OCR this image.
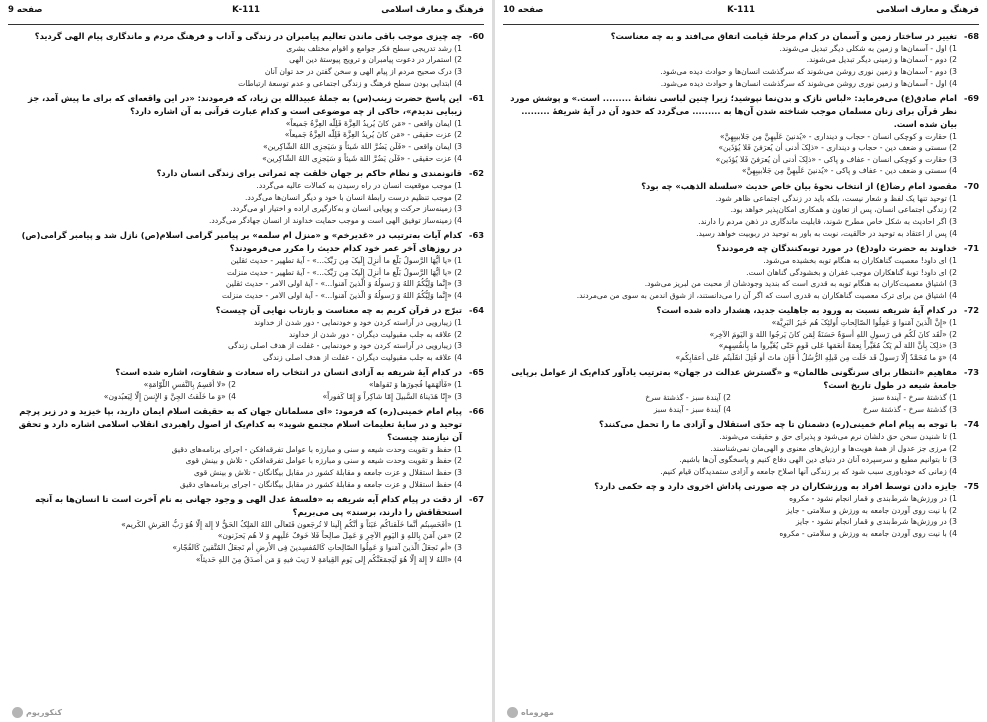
فرهنگ و معارف اسلامی
111-K
صفحه 9
60-
چه چیزی موجب باقی ماندن تعالیم پیامبران در زندگی و آداب و فرهنگ مردم و ماندگاری پیام الهی گردید؟
1) رشد تدریجی سطح فکر جوامع و اقوام مختلف بشری
2) استمرار در دعوت پیامبران و ترویج پیوستهٔ دین الهی
3) درک صحیح مردم از پیام الهی و سخن گفتن در حد توان آنان
4) ابتدایی بودن سطح فرهنگ و زندگی اجتماعی و عدم توسعهٔ ارتباطات
61-
این پاسخ حضرت زینب(س) به جملهٔ عبیدالله بن زیاد، که فرمودند: «در این واقعه‌ای که برای ما پیش آمد، جز زیبایی ندیدم»، حاکی از چه موضوعی است و کدام عبارت قرآنی به آن اشاره دارد؟
1) ایمان واقعی - «مَن کانَ یُریدُ العِزَّةَ فَلِلّه العِزَّةُ جَمیعاً»
2) عزت حقیقی - «مَن کانَ یُریدُ العِزَّةَ فَلِلّه العِزَّةُ جَمیعاً»
3) ایمان واقعی - «فَلَن یَضُرَّ اللهَ شَیئاً وَ سَیَجزِی اللهُ الشّاکِرین»
4) عزت حقیقی - «فَلَن یَضُرَّ اللهَ شَیئاً وَ سَیَجزِی اللهُ الشّاکِرین»
62-
قانونمندی و نظام حاکم بر جهان خلقت چه ثمراتی برای زندگی انسان دارد؟
1) موجب موقعیت انسان در راه رسیدن به کمالات عالیه می‌گردد.
2) موجب تنظیم درست رابطهٔ انسان با خود و دیگر انسان‌ها می‌گردد.
3) زمینه‌ساز حرکت و پویایی انسان و به‌کارگیری اراده و اختیار او می‌گردد.
4) زمینه‌ساز توفیق الهی است و موجب حمایت خداوند از انسان جهادگر می‌گردد.
63-
کدام آیات به‌ترتیب در «غدیرخم» و «منزل ام سلمه» بر پیامبر گرامی اسلام(ص) نازل شد و پیامبر گرامی(ص) در روزهای آخر عمر خود کدام حدیث را مکرر می‌فرمودند؟
1) «یا أَیُّهَا الرَّسولُ بَلِّغ ما أُنزِلَ إِلَیکَ مِن رَبِّکَ...» - آیهٔ تطهیر - حدیث ثقلین
2) «یا أَیُّهَا الرَّسولُ بَلِّغ ما أُنزِلَ إِلَیکَ مِن رَبِّکَ...» - آیهٔ تطهیر - حدیث منزلت
3) «إِنَّما وَلِیُّکُمُ اللهُ وَ رَسولُهُ وَ الَّذینَ آمَنوا...» - آیهٔ اولی الامر - حدیث ثقلین
4) «إِنَّما وَلِیُّکُمُ اللهُ وَ رَسولُهُ وَ الَّذینَ آمَنوا...» - آیهٔ اولی الامر - حدیث منزلت
64-
تبرّج در قرآن کریم به چه معناست و بازتاب نهایی آن چیست؟
1) زیبارویی در آراسته کردن خود و خودنمایی - دور شدن از خداوند
2) علاقه به جلب مقبولیت دیگران - دور شدن از خداوند
3) زیبارویی در آراسته کردن خود و خودنمایی - غفلت از هدف اصلی زندگی
4) علاقه به جلب مقبولیت دیگران - غفلت از هدف اصلی زندگی
65-
در کدام آیهٔ شریفه به آزادی انسان در انتخاب راه سعادت و شقاوت، اشاره شده است؟
1) «فَأَلهَمَها فُجورَها وَ تَقواها»
2) «لا أُقسِمُ بِالنَّفسِ اللَّوّامَةِ»
3) «إِنّا هَدَیناهُ السَّبیلَ إِمّا شاکِراً وَ إِمّا کَفوراً»
4) «وَ ما خَلَقتُ الجِنَّ وَ الإِنسَ إِلّا لِیَعبُدون»
66-
پیام امام خمینی(ره) که فرمود: «ای مسلمانان جهان که به حقیقت اسلام ایمان دارید، بپا خیزید و در زیر پرچم توحید و در سایهٔ تعلیمات اسلام مجتمع شوید» به کدام‌یک از اصول راهبردی انقلاب اسلامی اشاره دارد و تحقق آن نیازمند چیست؟
1) حفظ و تقویت وحدت شیعه و سنی و مبارزه با عوامل تفرقه‌افکن - اجرای برنامه‌های دقیق
2) حفظ و تقویت وحدت شیعه و سنی و مبارزه با عوامل تفرقه‌افکن - تلاش و بینش قوی
3) حفظ استقلال و عزت جامعه و مقابلهٔ کشور در مقابل بیگانگان - تلاش و بینش قوی
4) حفظ استقلال و عزت جامعه و مقابلهٔ کشور در مقابل بیگانگان - اجرای برنامه‌های دقیق
67-
از دقت در پیام کدام آیه شریفه به «فلسفهٔ عدل الهی و وجود جهانی به نام آخرت است تا انسان‌ها به آنچه استحقاقش را دارند، برسند» پی می‌بریم؟
1) «أَفَحَسِبتُم أَنَّما خَلَقناکُم عَبَثاً وَ أَنَّکُم إِلَینا لا تُرجَعون فَتَعالَی اللهُ المَلِکُ الحَقُّ لا إِلهَ إِلّا هُوَ رَبُّ العَرشِ الکَریم»
2) «مَن آمَنَ بِاللهِ وَ الیَومِ الآخِرِ وَ عَمِلَ صالِحاً فَلا خَوفٌ عَلَیهِم وَ لا هُم یَحزَنون»
3) «أَم نَجعَلُ الَّذینَ آمَنوا وَ عَمِلُوا الصّالِحاتِ کَالمُفسِدینَ فِی الأَرضِ أَم نَجعَلُ المُتَّقینَ کَالفُجّار»
4) «اللهُ لا إِلهَ إِلّا هُوَ لَیَجمَعَنَّکُم إِلی یَومِ القِیامَةِ لا رَیبَ فیهِ وَ مَن أَصدَقُ مِنَ اللهِ حَدیثاً»
کنکوریوم
فرهنگ و معارف اسلامی
111-K
صفحه 10
68-
تغییر در ساختار زمین و آسمان در کدام مرحلهٔ قیامت اتفاق می‌افتد و به چه معناست؟
1) اول - آسمان‌ها و زمین به شکلی دیگر تبدیل می‌شوند.
2) دوم - آسمان‌ها و زمینی دیگر تبدیل می‌شوند.
3) دوم - آسمان‌ها و زمین نوری روشن می‌شوند که سرگذشت انسان‌ها و حوادث دیده می‌شود.
4) اول - آسمان‌ها و زمین نوری روشن می‌شوند که سرگذشت انسان‌ها و حوادث دیده می‌شود.
69-
امام صادق(ع) می‌فرماید: «لباس نازک و بدن‌نما نپوشید؛ زیرا چنین لباسی نشانهٔ ......... است.» و پوشش مورد نظر قرآن برای زنان مسلمان موجب شناخته شدن آن‌ها به ......... می‌گردد که حدود آن در آیهٔ شریفهٔ ......... بیان شده است.
1) حقارت و کوچکی انسان - حجاب و دینداری - «یُدنینَ عَلَیهِنَّ مِن جَلابیبِهِنَّ»
2) سستی و ضعف دین - حجاب و دینداری - «ذلِکَ أَدنی أَن یُعرَفنَ فَلا یُؤذَین»
3) حقارت و کوچکی انسان - عفاف و پاکی - «ذلِکَ أَدنی أَن یُعرَفنَ فَلا یُؤذَین»
4) سستی و ضعف دین - عفاف و پاکی - «یُدنینَ عَلَیهِنَّ مِن جَلابیبِهِنَّ»
70-
مقصود امام رضا(ع) از انتخاب نحوهٔ بیان خاص حدیث «سلسلة الذهب» چه بود؟
1) توحید تنها یک لفظ و شعار نیست، بلکه باید در زندگی اجتماعی ظاهر شود.
2) زندگی اجتماعی انسان، پس از تعاون و همکاری امکان‌پذیر خواهد بود.
3) اگر احادیث به شکل خاص مطرح شوند، قابلیت ماندگاری در ذهن مردم را دارند.
4) پس از اعتقاد به توحید در خالقیت، نوبت به باور به توحید در ربوبیت خواهد رسید.
71-
خداوند به حضرت داود(ع) در مورد توبه‌کنندگان چه فرمودند؟
1) ای داود! معصیت گناهکاران به هنگام توبه بخشیده می‌شود.
2) ای داود! توبهٔ گناهکاران موجب غفران و بخشودگی گناهان است.
3) اشتیاق معصیت‌کاران به هنگام توبه به قدری است که بندید وجودشان از محبت من لبریز می‌شود.
4) اشتیاق من برای ترک معصیت گناهکاران به قدری است که اگر آن را می‌دانستند، از شوق اندمن به سوی من می‌مردند.
72-
در کدام آیهٔ شریفه نسبت به ورود به جاهلیت جدید، هشدار داده شده است؟
1) «إِنَّ الَّذینَ آمَنوا وَ عَمِلُوا الصّالِحاتِ اُولئِکَ هُم خَیرُ البَرِیَّة»
2) «لَقَد کانَ لَکُم فی رَسولِ اللهِ أُسوَةٌ حَسَنَةٌ لِمَن کانَ یَرجُوا اللهَ وَ الیَومَ الآخِر»
3) «ذلِکَ بِأَنَّ اللهَ لَم یَکُ مُغَیِّراً نِعمَةً أَنعَمَها عَلی قَومٍ حَتّی یُغَیِّروا ما بِأَنفُسِهِم»
4) «وَ ما مُحَمَّدٌ إِلّا رَسولٌ قَد خَلَت مِن قَبلِهِ الرُّسُلُ أَ فَإِن ماتَ أَو قُتِلَ انقَلَبتُم عَلی أَعقابِکُم»
73-
مفاهیم «انتظار برای سرنگونی ظالمان» و «گسترش عدالت در جهان» به‌ترتیب یادآور کدام‌یک از عوامل برپایی جامعهٔ شیعه در طول تاریخ است؟
1) گذشتهٔ سرخ - آیندهٔ سبز
2) آیندهٔ سبز - گذشتهٔ سرخ
3) گذشتهٔ سرخ - گذشتهٔ سرخ
4) آیندهٔ سبز - آیندهٔ سبز
74-
با توجه به پیام امام خمینی(ره) دشمنان تا چه حدّی استقلال و آزادی ما را تحمل می‌کنند؟
1) تا شنیدن سخن حق دلشان نرم می‌شود و پذیرای حق و حقیقت می‌شوند.
2) مرزی جز عدول از همهٔ هویت‌ها و ارزش‌های معنوی و الهی‌مان نمی‌شناسند.
3) تا بتوانیم مطیع و سرسپرده آنان در دنیای دین الهی دفاع کنیم و پاسخگوی آن‌ها باشیم.
4) زمانی که خودباوری سبب شود که بر زندگی آنها اصلاح جامعه و آزادی ستمدیدگان قیام کنیم.
75-
جایزه دادن توسط افراد به ورزشکاران در چه صورتی پاداش اخروی دارد و چه حکمی دارد؟
1) در ورزش‌ها شرط‌بندی و قمار انجام نشود - مکروه
2) با نیت روی آوردن جامعه به ورزش و سلامتی - جایز
3) در ورزش‌ها شرط‌بندی و قمار انجام نشود - جایز
4) با نیت روی آوردن جامعه به ورزش و سلامتی - مکروه
مهروماه
